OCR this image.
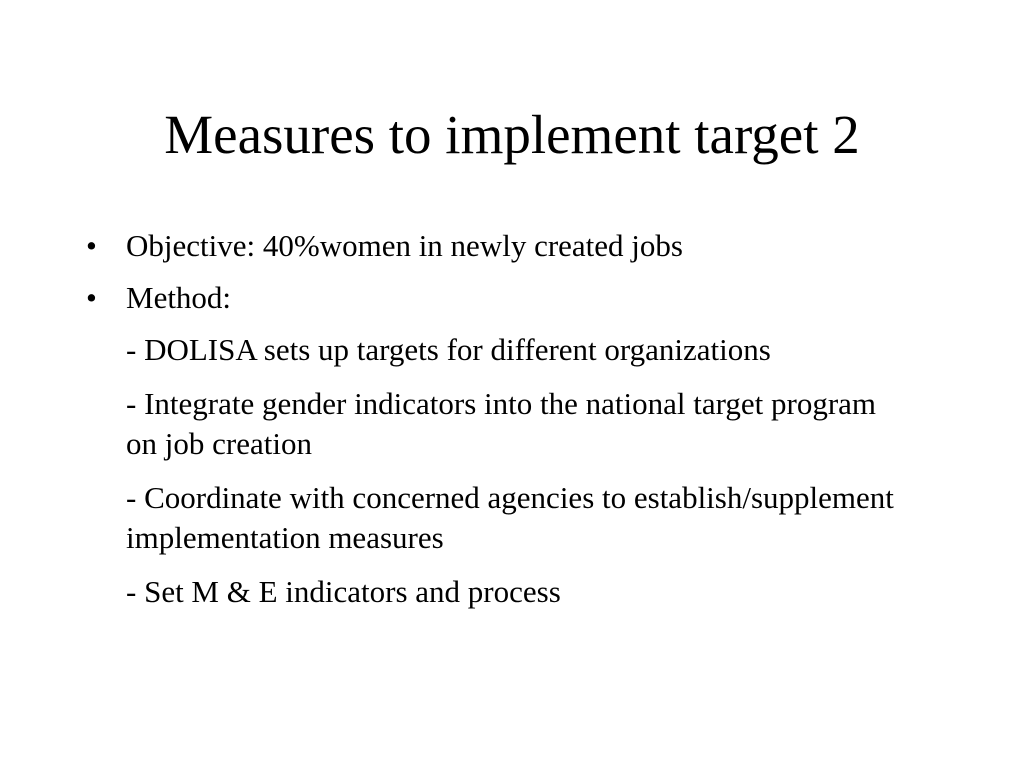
Measures to implement target 2
• Objective: 40%women in newly created jobs
• Method:
- DOLISA sets up targets for different organizations
- Integrate gender indicators into the national target program on job creation
- Coordinate with concerned agencies to establish/supplement implementation measures
- Set M & E indicators and process
